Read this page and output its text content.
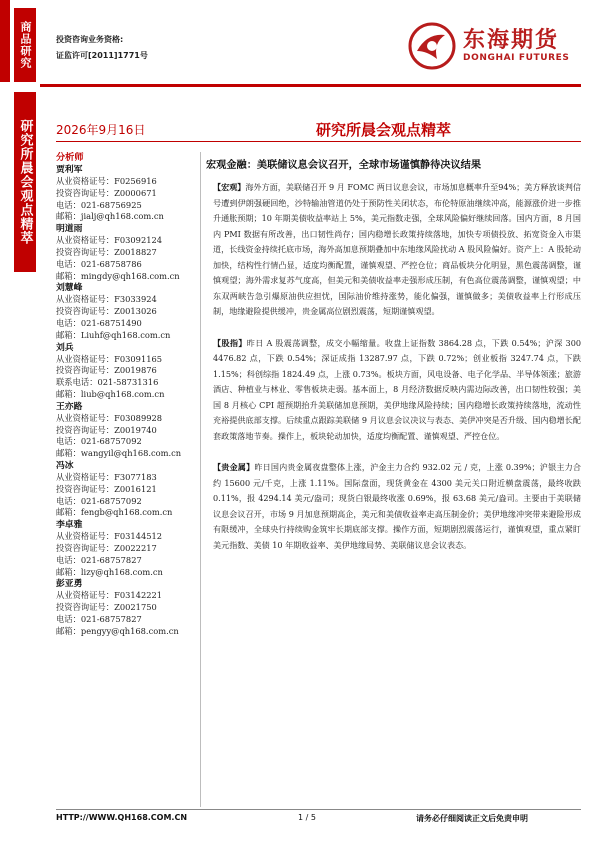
商品研究	投资咨询业务资格:
证监许可[2011]1771号
东海期货
DONGHAI FUTURES
研究所晨会观点精萃 2026年9月16日	研究所晨会观点精萃
分析师
贾利军
从业资格证号：F0256916
投资咨询证号：Z0000671
电话：021-68756925
邮箱：jialj@qh168.com.cn
明道雨
从业资格证号：F03092124
投资咨询证号：Z0018827
电话：021-68758786
邮箱：mingdy@qh168.com.cn
刘慧峰
从业资格证号：F3033924
投资咨询证号：Z0013026
电话：021-68751490
邮箱：Liuhf@qh168.com.cn
刘兵
从业资格证号：F03091165
投资咨询证号：Z0019876
联系电话：021-58731316
邮箱：liub@qh168.com.cn
王亦路
从业资格证号：F03089928
投资咨询证号：Z0019740
电话：021-68757092
邮箱：wangyil@qh168.com.cn
冯冰
从业资格证号：F3077183
投资咨询证号：Z0016121
电话：021-68757092
邮箱：fengb@qh168.com.cn
李卓雅
从业资格证号：F03144512
投资咨询证号：Z0022217
电话：021-68757827
邮箱：lizy@qh168.com.cn
彭亚勇
从业资格证号：F03142221
投资咨询证号：Z0021750
电话：021-68757827
邮箱：pengyy@qh168.com.cn
宏观金融：美联储议息会议召开，全球市场谨慎静待决议结果

【宏观】海外方面，美联储召开 9 月 FOMC 两日议息会议，市场加息概率升至94%；美方释放谈判信号遭到伊朗强硬回绝，沙特输油管道仍处于预防性关闭状态，布伦特原油继续冲高，能源涨价进一步推升通胀预期；10 年期美债收益率站上 5%，美元指数走强，全球风险偏好继续回落。国内方面，8 月国内 PMI 数据有所改善，出口韧性尚存；国内稳增长政策持续落地，加快专项债投放、拓宽资金入市渠道，长线资金持续托底市场，海外高加息预期叠加中东地缘风险扰动 A 股风险偏好。资产上：A 股轮动加快，结构性行情凸显，适度均衡配置，谨慎观望、严控仓位；商品板块分化明显，黑色震荡调整，谨慎观望；海外需求复苏气度高，但美元和美债收益率走强形成压制，有色高位震荡调整，谨慎观望；中东双两峡告急引爆原油供应担忧，国际油价维持涨势，能化偏强，谨慎做多；美债收益率上行形成压制，地缘避险提供缓冲，贵金属高位剧烈震荡，短期谨慎观望。

【股指】昨日 A 股震荡调整，成交小幅缩量。收盘上证指数 3864.28 点，下跌 0.54%；沪深 300 4476.82 点，下跌 0.54%；深证成指 13287.97 点，下跌 0.72%；创业板指 3247.74 点，下跌 1.15%；科创综指 1824.49 点，上涨 0.73%。板块方面，风电设备、电子化学品、半导体领涨；旅游酒店、种植业与林业、零售板块走弱。基本面上，8 月经济数据反映内需边际改善，出口韧性较强；美国 8 月核心 CPI 超预期抬升美联储加息预期，美伊地缘风险持续；国内稳增长政策持续落地，流动性充裕提供底部支撑。后续重点跟踪美联储 9 月议息会议决议与表态、美伊冲突是否升级、国内稳增长配套政策落地节奏。操作上，板块轮动加快，适度均衡配置、谨慎观望、严控仓位。

【贵金属】昨日国内贵金属夜盘整体上涨，沪金主力合约 932.02 元 / 克，上涨 0.39%；沪银主力合约 15600 元/千克，上涨 1.11%。国际盘面，现货黄金在 4300 美元关口附近横盘震荡，最终收跌 0.11%，报 4294.14 美元/盎司；现货白银最终收涨 0.69%，报 63.68 美元/盎司。主要由于美联储议息会议召开，市场 9 月加息预期高企，美元和美债收益率走高压制金价；美伊地缘冲突带来避险形成有限缓冲，全球央行持续购金筑牢长期底部支撑。操作方面，短期剧烈震荡运行，谨慎观望，重点紧盯美元指数、美债 10 年期收益率、美伊地缘局势、美联储议息会议表态。

HTTP://WWW.QH168.COM.CN	1 / 5	请务必仔细阅读正文后免责申明
